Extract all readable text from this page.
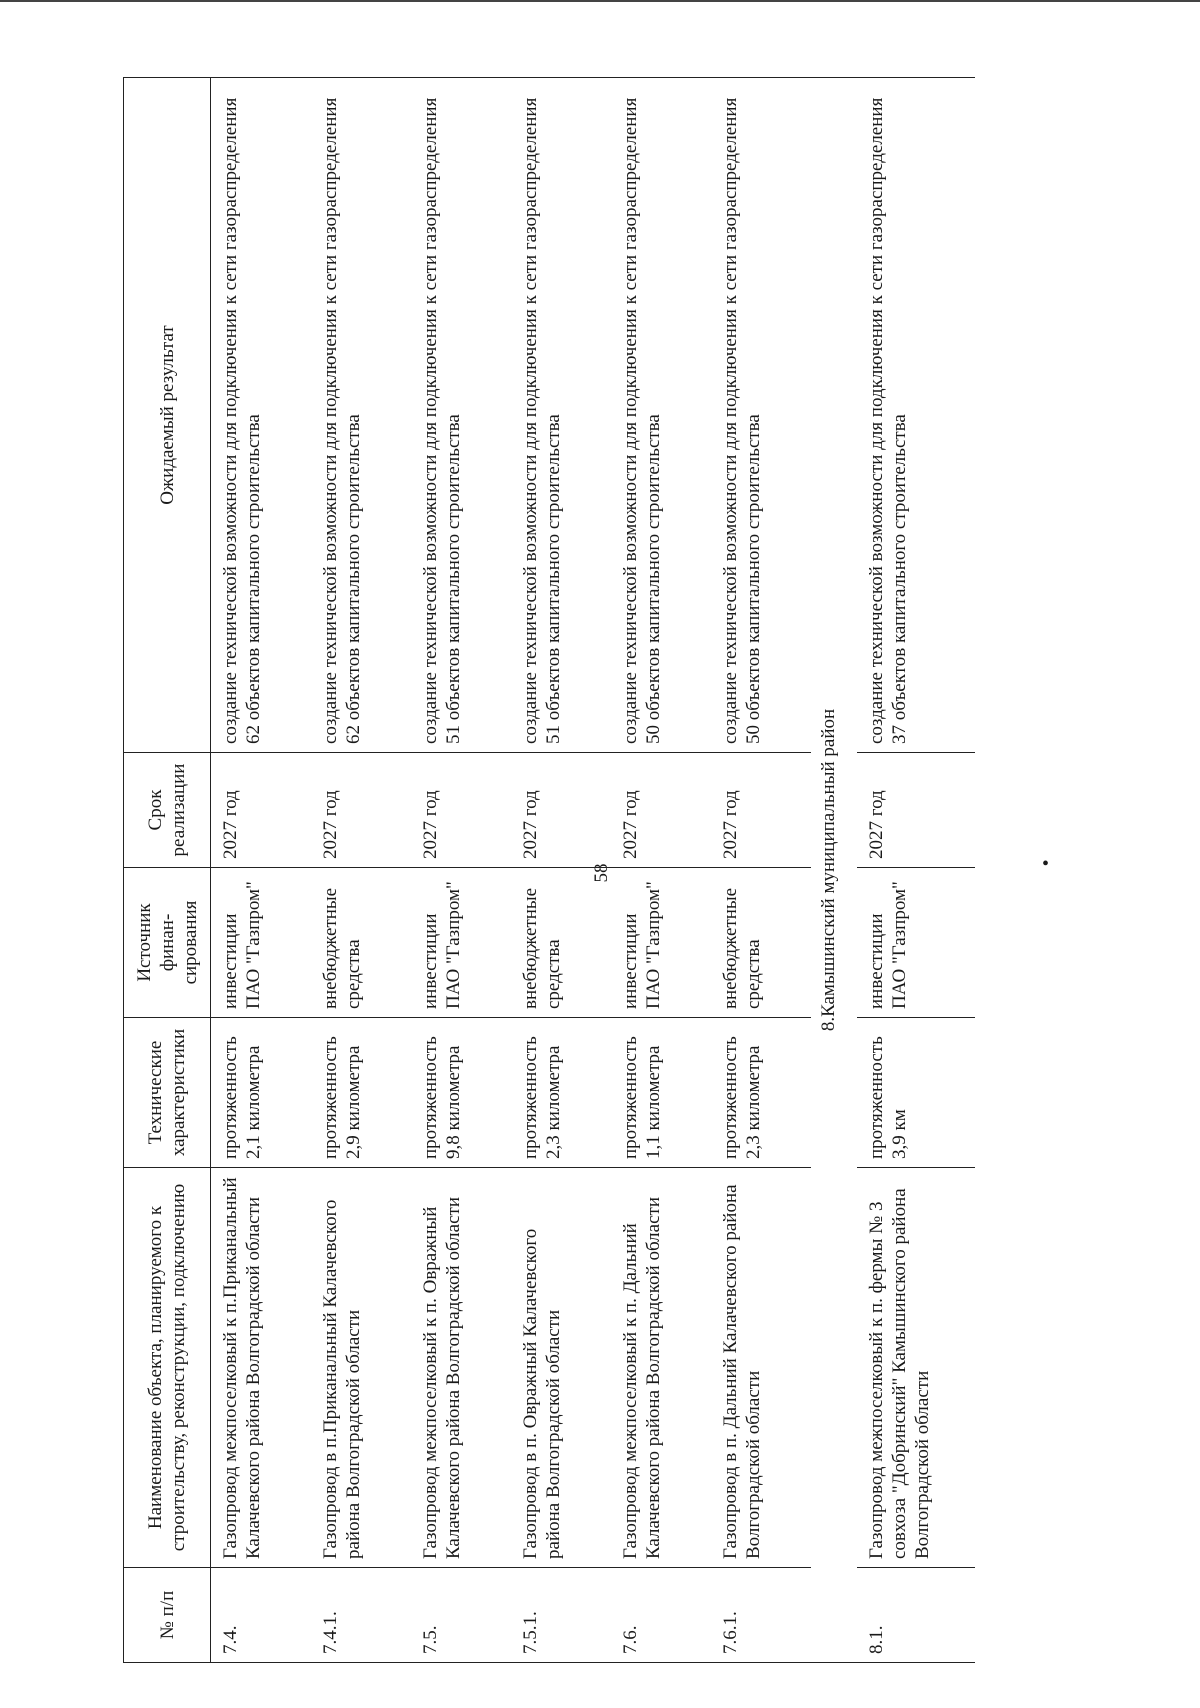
58
№ п/п	Наименование объекта, планируемого к строительству, реконструкции, подключению	Технические характеристики	Источник финан-сирования	Срок реализации	Ожидаемый результат
7.4.	Газопровод межпоселковый к п.Приканальный Калачевского района Волгоградской области	протяженность 2,1 километра	инвестиции ПАО "Газпром"	2027 год	создание технической возможности для подключения к сети газораспределения 62 объектов капитального строительства
7.4.1.	Газопровод в п.Приканальный Калачевского района Волгоградской области	протяженность 2,9 километра	внебюджетные средства	2027 год	создание технической возможности для подключения к сети газораспределения 62 объектов капитального строительства
7.5.	Газопровод межпоселковый к п. Овражный Калачевского района Волгоградской области	протяженность 9,8 километра	инвестиции ПАО "Газпром"	2027 год	создание технической возможности для подключения к сети газораспределения 51 объектов капитального строительства
7.5.1.	Газопровод в п. Овражный Калачевского района Волгоградской области	протяженность 2,3 километра	внебюджетные средства	2027 год	создание технической возможности для подключения к сети газораспределения 51 объектов капитального строительства
7.6.	Газопровод межпоселковый к п. Дальний Калачевского района Волгоградской области	протяженность 1,1 километра	инвестиции ПАО "Газпром"	2027 год	создание технической возможности для подключения к сети газораспределения 50 объектов капитального строительства
7.6.1.	Газопровод в п. Дальний Калачевского района Волгоградской области	протяженность 2,3 километра	внебюджетные средства	2027 год	создание технической возможности для подключения к сети газораспределения 50 объектов капитального строительства
8.Камышинский муниципальный район					
8.1.	Газопровод межпоселковый к п. фермы № 3 совхоза "Добринский" Камышинского района Волгоградской области	протяженность 3,9 км	инвестиции ПАО "Газпром"	2027 год	создание технической возможности для подключения к сети газораспределения 37 объектов капитального строительства
•
